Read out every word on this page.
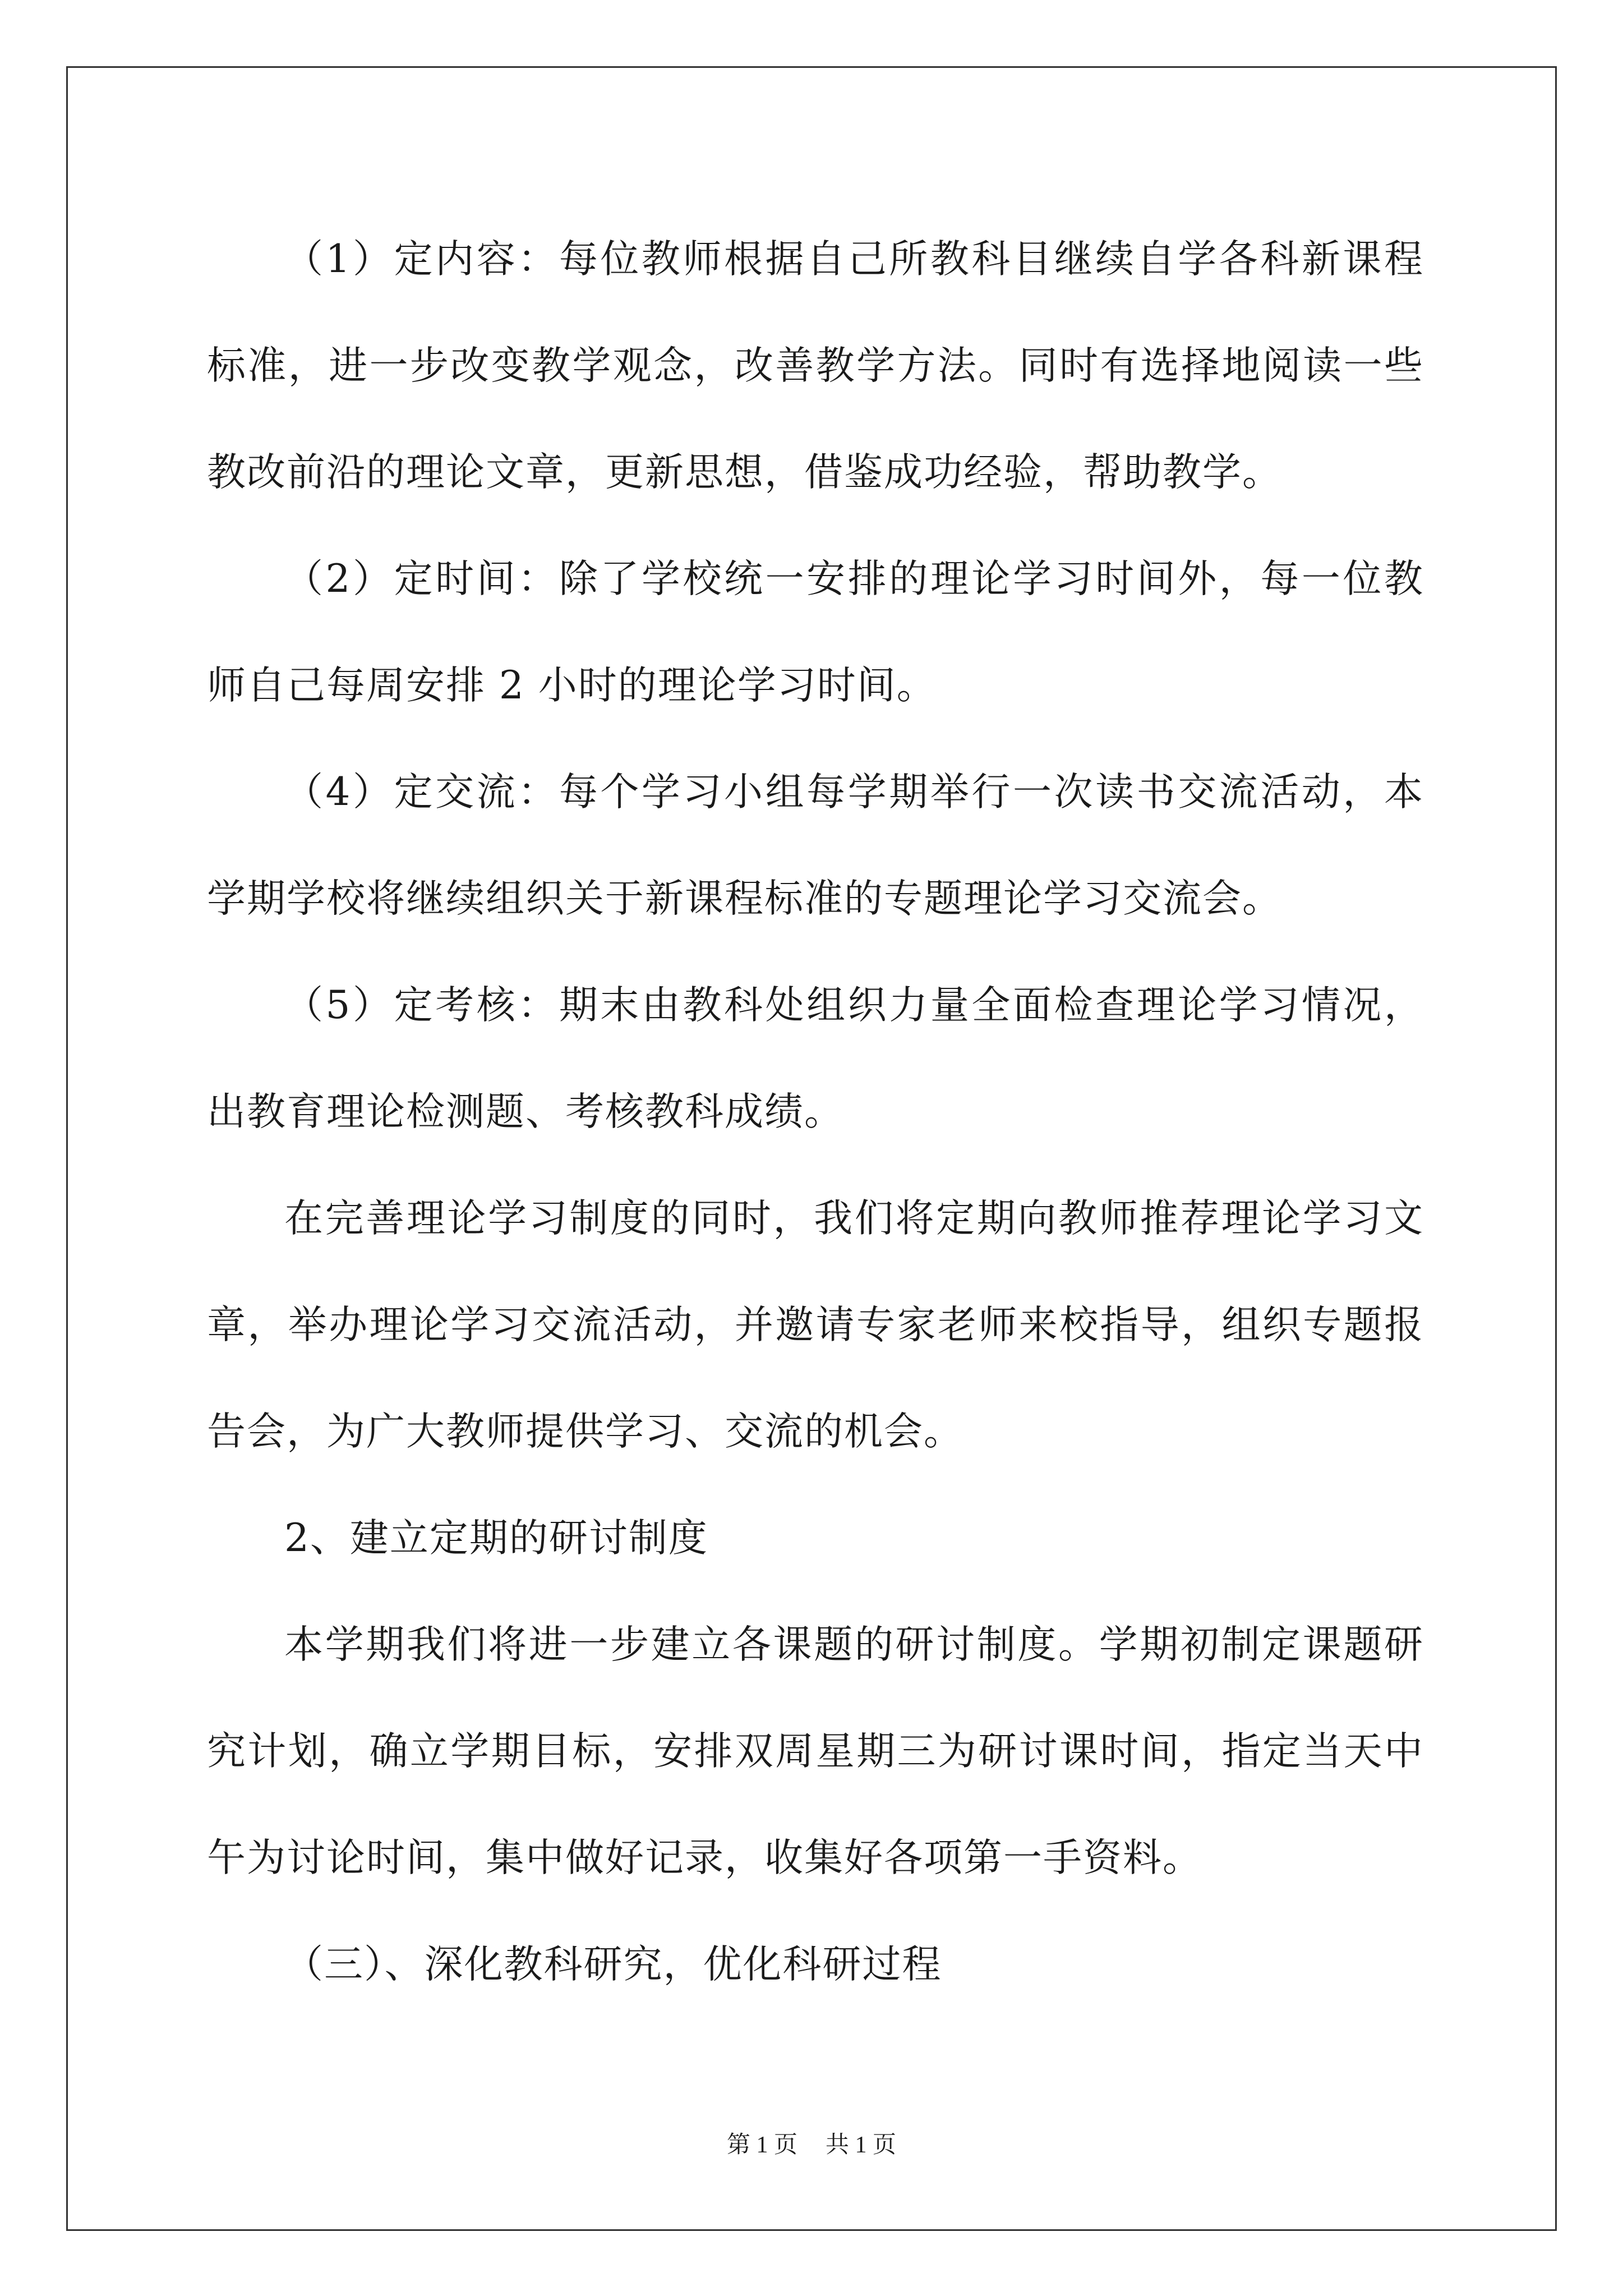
（1）定内容：每位教师根据自己所教科目继续自学各科新课程标准，进一步改变教学观念，改善教学方法。同时有选择地阅读一些教改前沿的理论文章，更新思想，借鉴成功经验，帮助教学。

（2）定时间：除了学校统一安排的理论学习时间外，每一位教师自己每周安排 2 小时的理论学习时间。

（4）定交流：每个学习小组每学期举行一次读书交流活动，本学期学校将继续组织关于新课程标准的专题理论学习交流会。

（5）定考核：期末由教科处组织力量全面检查理论学习情况，出教育理论检测题、考核教科成绩。

在完善理论学习制度的同时，我们将定期向教师推荐理论学习文章，举办理论学习交流活动，并邀请专家老师来校指导，组织专题报告会，为广大教师提供学习、交流的机会。

2、建立定期的研讨制度

本学期我们将进一步建立各课题的研讨制度。学期初制定课题研究计划，确立学期目标，安排双周星期三为研讨课时间，指定当天中午为讨论时间，集中做好记录，收集好各项第一手资料。

（三）、深化教科研究，优化科研过程

第 1 页 共 1 页
